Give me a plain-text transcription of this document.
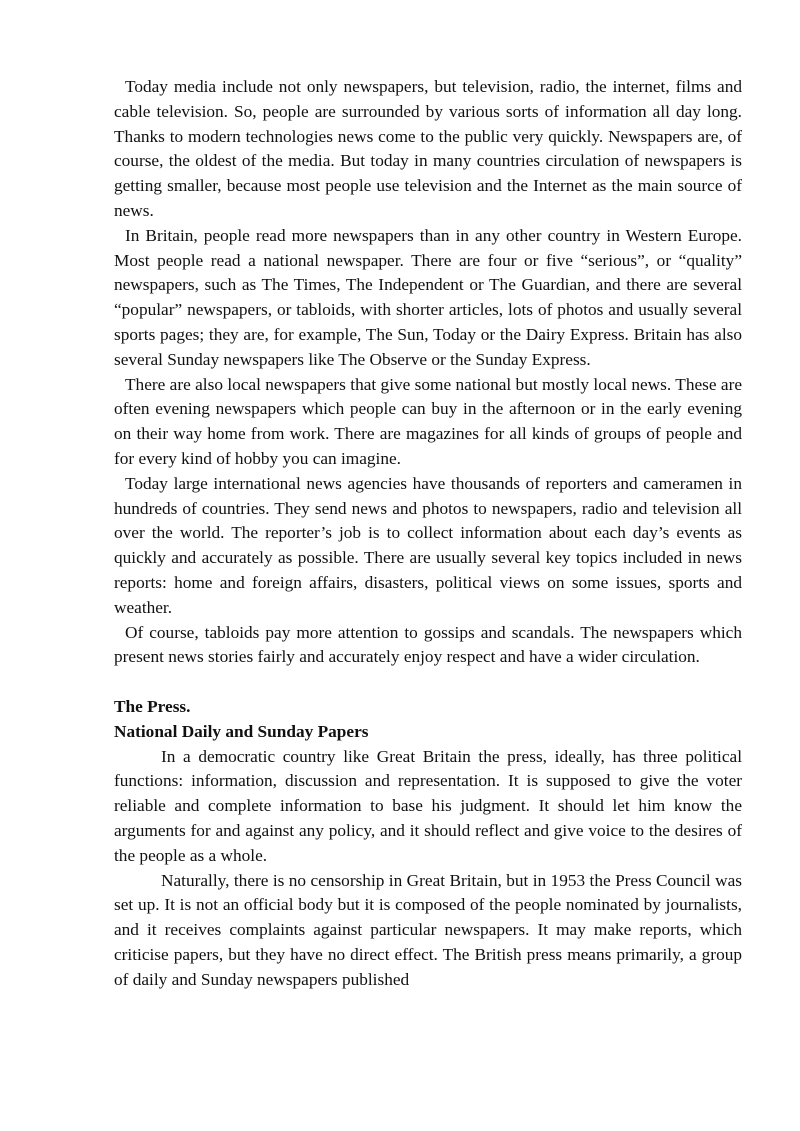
Today media include not only newspapers, but television, radio, the internet, films and cable television. So, people are surrounded by various sorts of information all day long. Thanks to modern technologies news come to the public very quickly. Newspapers are, of course, the oldest of the media. But today in many countries circulation of newspapers is getting smaller, because most people use television and the Internet as the main source of news.

In Britain, people read more newspapers than in any other country in Western Europe. Most people read a national newspaper. There are four or five “serious”, or “quality” newspapers, such as The Times, The Independent or The Guardian, and there are several “popular” newspapers, or tabloids, with shorter articles, lots of photos and usually several sports pages; they are, for example, The Sun, Today or the Dairy Express. Britain has also several Sunday newspapers like The Observe or the Sunday Express.

There are also local newspapers that give some national but mostly local news. These are often evening newspapers which people can buy in the afternoon or in the early evening on their way home from work. There are magazines for all kinds of groups of people and for every kind of hobby you can imagine.

Today large international news agencies have thousands of reporters and cameramen in hundreds of countries. They send news and photos to newspapers, radio and television all over the world. The reporter’s job is to collect information about each day’s events as quickly and accurately as possible. There are usually several key topics included in news reports: home and foreign affairs, disasters, political views on some issues, sports and weather.

Of course, tabloids pay more attention to gossips and scandals. The newspapers which present news stories fairly and accurately enjoy respect and have a wider circulation.

The Press.

National Daily and Sunday Papers

In a democratic country like Great Britain the press, ideally, has three political functions: information, discussion and representation. It is supposed to give the voter reliable and complete information to base his judgment. It should let him know the arguments for and against any policy, and it should reflect and give voice to the desires of the people as a whole.

Naturally, there is no censorship in Great Britain, but in 1953 the Press Council was set up. It is not an official body but it is composed of the people nominated by journalists, and it receives complaints against particular newspapers. It may make reports, which criticise papers, but they have no direct effect. The British press means primarily, a group of daily and Sunday newspapers published
